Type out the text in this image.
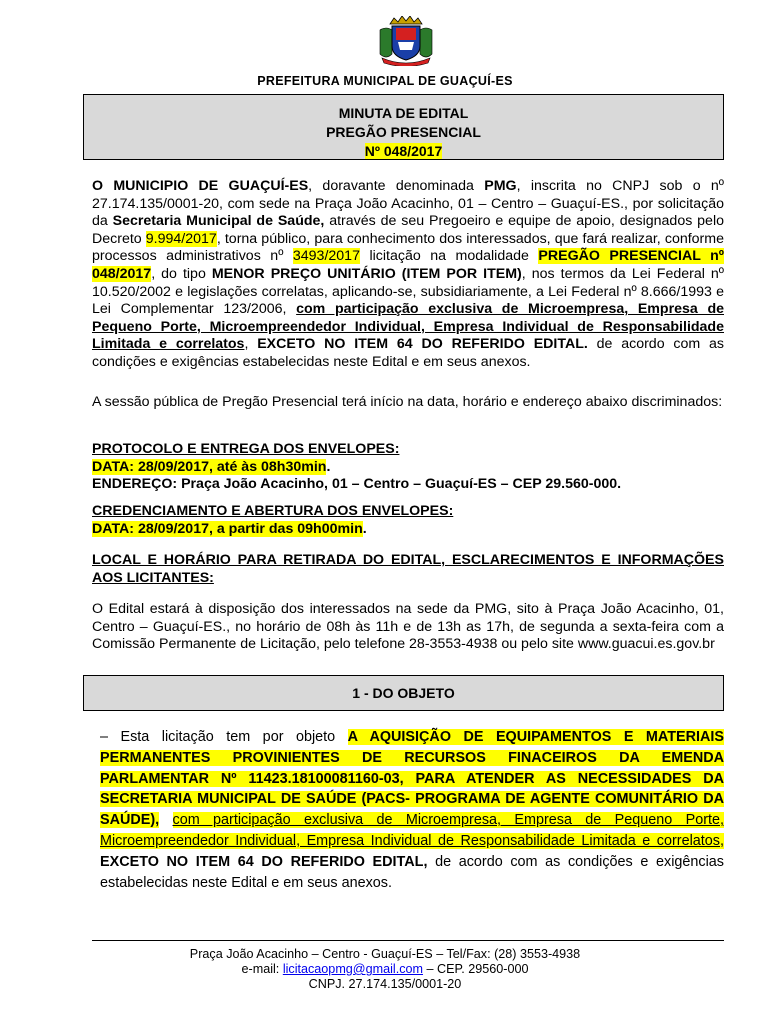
PREFEITURA MUNICIPAL DE GUAÇUÍ-ES
MINUTA DE EDITAL
PREGÃO PRESENCIAL
Nº 048/2017

O MUNICIPIO DE GUAÇUÍ-ES, doravante denominada PMG, inscrita no CNPJ sob o nº 27.174.135/0001-20, com sede na Praça João Acacinho, 01 – Centro – Guaçuí-ES., por solicitação da Secretaria Municipal de Saúde, através de seu Pregoeiro e equipe de apoio, designados pelo Decreto 9.994/2017, torna público, para conhecimento dos interessados, que fará realizar, conforme processos administrativos nº 3493/2017 licitação na modalidade PREGÃO PRESENCIAL nº 048/2017, do tipo MENOR PREÇO UNITÁRIO (ITEM POR ITEM), nos termos da Lei Federal nº 10.520/2002 e legislações correlatas, aplicando-se, subsidiariamente, a Lei Federal nº 8.666/1993 e Lei Complementar 123/2006, com participação exclusiva de Microempresa, Empresa de Pequeno Porte, Microempreendedor Individual, Empresa Individual de Responsabilidade Limitada e correlatos, EXCETO NO ITEM 64 DO REFERIDO EDITAL. de acordo com as condições e exigências estabelecidas neste Edital e em seus anexos.

A sessão pública de Pregão Presencial terá início na data, horário e endereço abaixo discriminados:

PROTOCOLO E ENTREGA DOS ENVELOPES:

DATA: 28/09/2017, até às 08h30min.

ENDEREÇO: Praça João Acacinho, 01 – Centro – Guaçuí-ES – CEP 29.560-000.

CREDENCIAMENTO E ABERTURA DOS ENVELOPES:

DATA: 28/09/2017, a partir das 09h00min.

LOCAL E HORÁRIO PARA RETIRADA DO EDITAL, ESCLARECIMENTOS E INFORMAÇÕES AOS LICITANTES:

O Edital estará à disposição dos interessados na sede da PMG, sito à Praça João Acacinho, 01, Centro – Guaçuí-ES., no horário de 08h às 11h e de 13h as 17h, de segunda a sexta-feira com a Comissão Permanente de Licitação, pelo telefone 28-3553-4938 ou pelo site www.guacui.es.gov.br

1 - DO OBJETO
– Esta licitação tem por objeto A AQUISIÇÃO DE EQUIPAMENTOS E MATERIAIS PERMANENTES PROVINIENTES DE RECURSOS FINACEIROS DA EMENDA PARLAMENTAR Nº 11423.18100081160-03, PARA ATENDER AS NECESSIDADES DA SECRETARIA MUNICIPAL DE SAÚDE (PACS- PROGRAMA DE AGENTE COMUNITÁRIO DA SAÚDE), com participação exclusiva de Microempresa, Empresa de Pequeno Porte, Microempreendedor Individual, Empresa Individual de Responsabilidade Limitada e correlatos, EXCETO NO ITEM 64 DO REFERIDO EDITAL, de acordo com as condições e exigências estabelecidas neste Edital e em seus anexos.
Praça João Acacinho – Centro - Guaçuí-ES – Tel/Fax: (28) 3553-4938
e-mail: licitacaopmg@gmail.com – CEP. 29560-000
CNPJ. 27.174.135/0001-20
